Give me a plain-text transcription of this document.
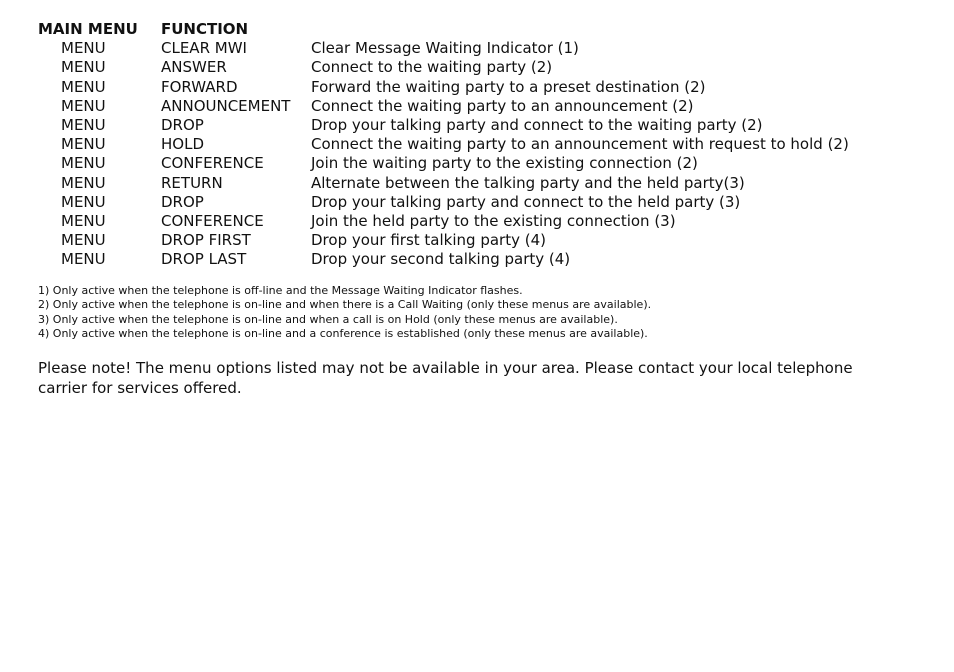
MAIN MENU	FUNCTION	
MENU	CLEAR MWI	Clear Message Waiting Indicator (1)
MENU	ANSWER	Connect to the waiting party (2)
MENU	FORWARD	Forward the waiting party to a preset destination (2)
MENU	ANNOUNCEMENT	Connect the waiting party to an announcement (2)
MENU	DROP	Drop your talking party and connect to the waiting party (2)
MENU	HOLD	Connect the waiting party to an announcement with request to hold (2)
MENU	CONFERENCE	Join the waiting party to the existing connection (2)
MENU	RETURN	Alternate between the talking party and the held party(3)
MENU	DROP	Drop your talking party and connect to the held party (3)
MENU	CONFERENCE	Join the held party to the existing connection (3)
MENU	DROP FIRST	Drop your first talking party (4)
MENU	DROP LAST	Drop your second talking party (4)
1) Only active when the telephone is off-line and the Message Waiting Indicator flashes.
2) Only active when the telephone is on-line and when there is a Call Waiting (only these menus are available).
3) Only active when the telephone is on-line and when a call is on Hold (only these menus are available).
4) Only active when the telephone is on-line and a conference is established (only these menus are available).
Please note! The menu options listed may not be available in your area. Please contact your local telephone carrier for services offered.
